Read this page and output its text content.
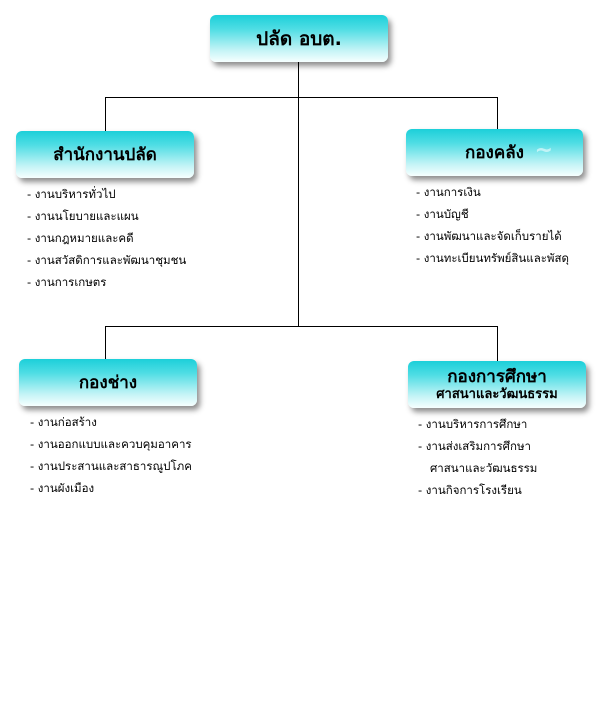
ปลัด อบต.
สำนักงานปลัด
- งานบริหารทั่วไป
- งานนโยบายและแผน
- งานกฎหมายและคดี
- งานสวัสดิการและพัฒนาชุมชน
- งานการเกษตร
กองคลัง ~
- งานการเงิน
- งานบัญชี
- งานพัฒนาและจัดเก็บรายได้
- งานทะเบียนทรัพย์สินและพัสดุ
กองช่าง
- งานก่อสร้าง
- งานออกแบบและควบคุมอาคาร
- งานประสานและสาธารณูปโภค
- งานผังเมือง
กองการศึกษา
ศาสนาและวัฒนธรรม
- งานบริหารการศึกษา
- งานส่งเสริมการศึกษา
ศาสนาและวัฒนธรรม
- งานกิจการโรงเรียน
